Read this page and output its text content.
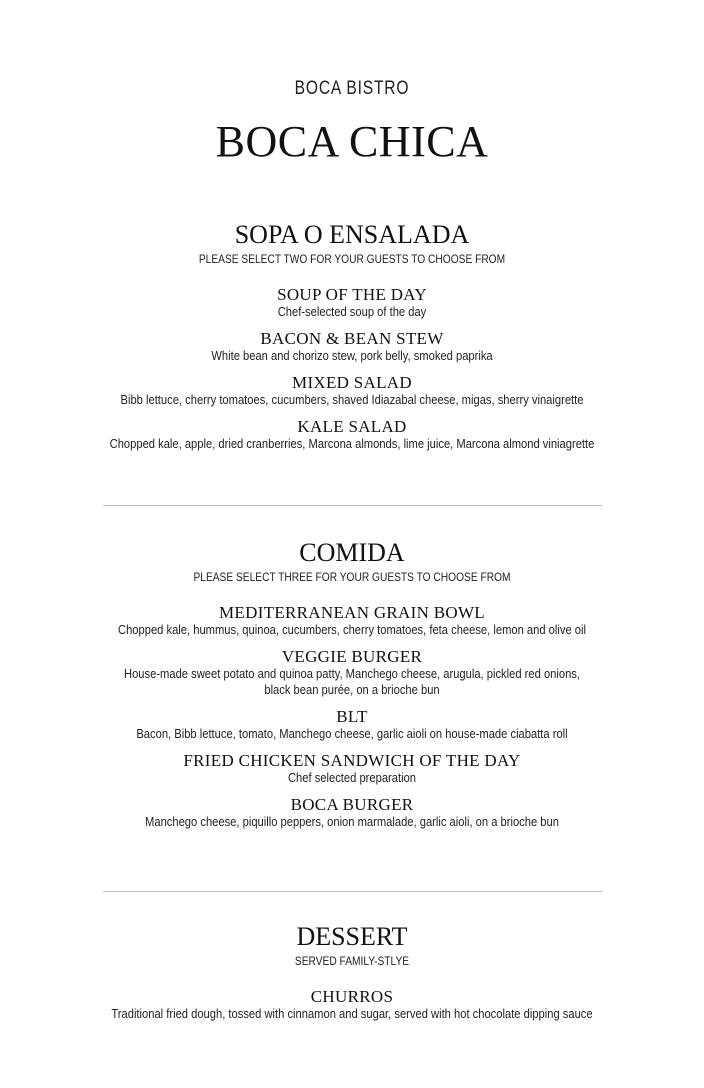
BOCA BISTRO
BOCA CHICA
SOPA O ENSALADA
PLEASE SELECT TWO FOR YOUR GUESTS TO CHOOSE FROM
SOUP OF THE DAY
Chef-selected soup of the day
BACON & BEAN STEW
White bean and chorizo stew, pork belly, smoked paprika
MIXED SALAD
Bibb lettuce, cherry tomatoes, cucumbers, shaved Idiazabal cheese, migas, sherry vinaigrette
KALE SALAD
Chopped kale, apple, dried cranberries, Marcona almonds, lime juice, Marcona almond viniagrette
COMIDA
PLEASE SELECT THREE FOR YOUR GUESTS TO CHOOSE FROM
MEDITERRANEAN GRAIN BOWL
Chopped kale, hummus, quinoa, cucumbers, cherry tomatoes, feta cheese, lemon and olive oil
VEGGIE BURGER
House-made sweet potato and quinoa patty, Manchego cheese, arugula, pickled red onions,
black bean purée, on a brioche bun
BLT
Bacon, Bibb lettuce, tomato, Manchego cheese, garlic aioli on house-made ciabatta roll
FRIED CHICKEN SANDWICH OF THE DAY
Chef selected preparation
BOCA BURGER
Manchego cheese, piquillo peppers, onion marmalade, garlic aioli, on a brioche bun
DESSERT
SERVED FAMILY-STLYE
CHURROS
Traditional fried dough, tossed with cinnamon and sugar, served with hot chocolate dipping sauce
